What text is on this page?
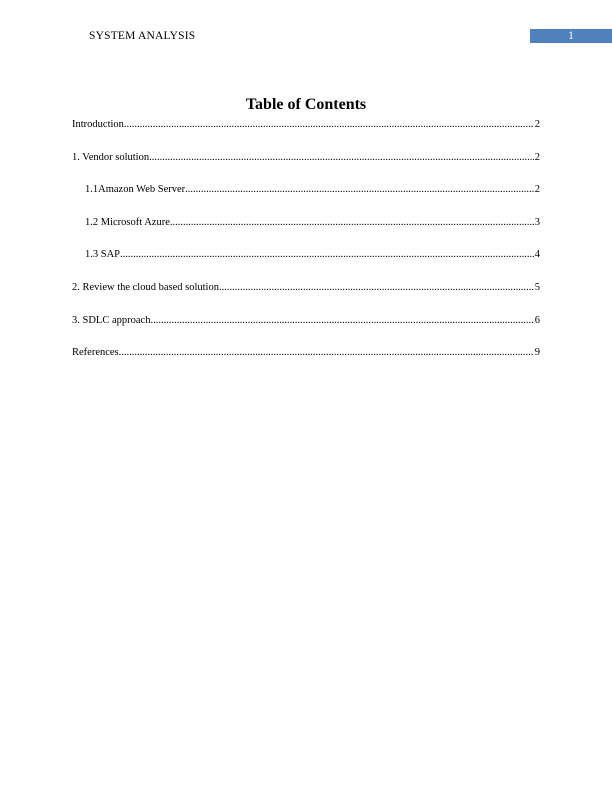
SYSTEM ANALYSIS	1
Table of Contents
Introduction .....	2
1. Vendor solution .....	2
1.1Amazon Web Server .....	2
1.2 Microsoft Azure .....	3
1.3 SAP .....	4
2. Review the cloud based solution .....	5
3. SDLC approach .....	6
References .....	9
